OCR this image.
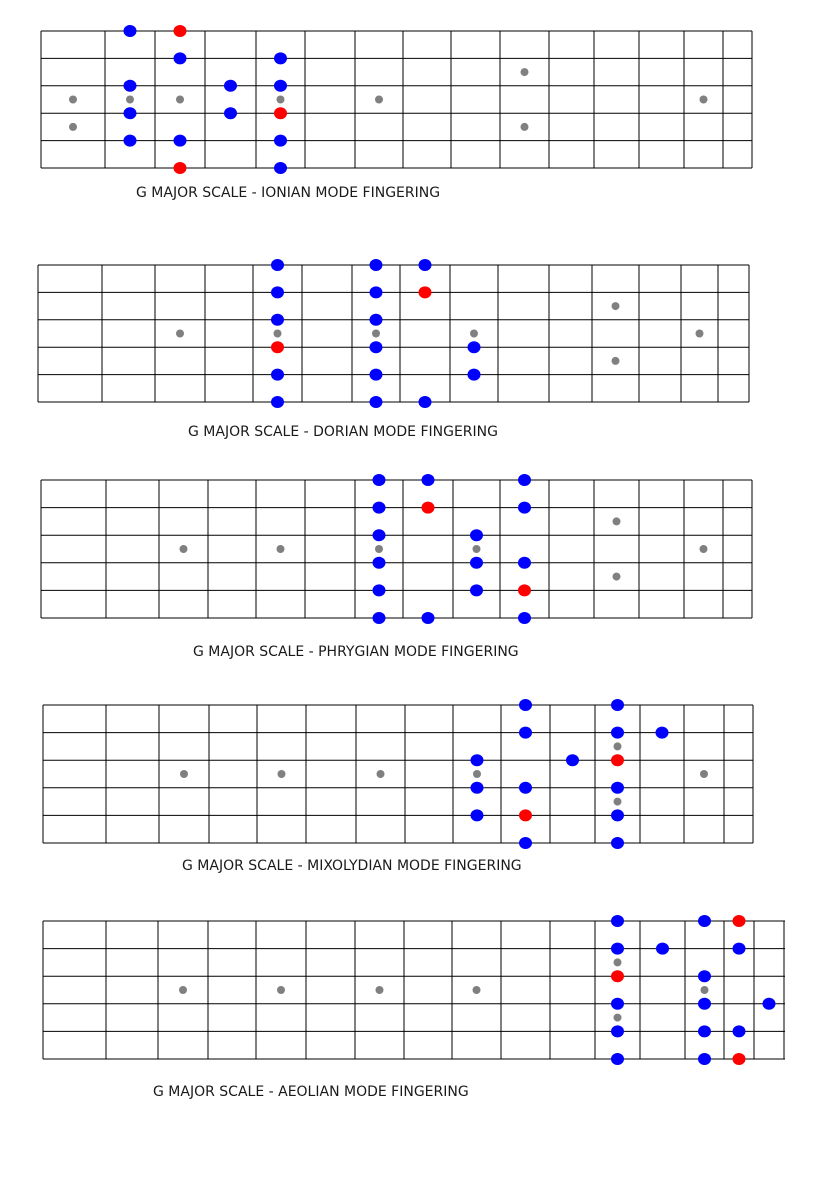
G MAJOR SCALE - IONIAN MODE FINGERING
G MAJOR SCALE - DORIAN MODE FINGERING
G MAJOR SCALE - PHRYGIAN MODE FINGERING
G MAJOR SCALE - MIXOLYDIAN MODE FINGERING
G MAJOR SCALE - AEOLIAN MODE FINGERING
